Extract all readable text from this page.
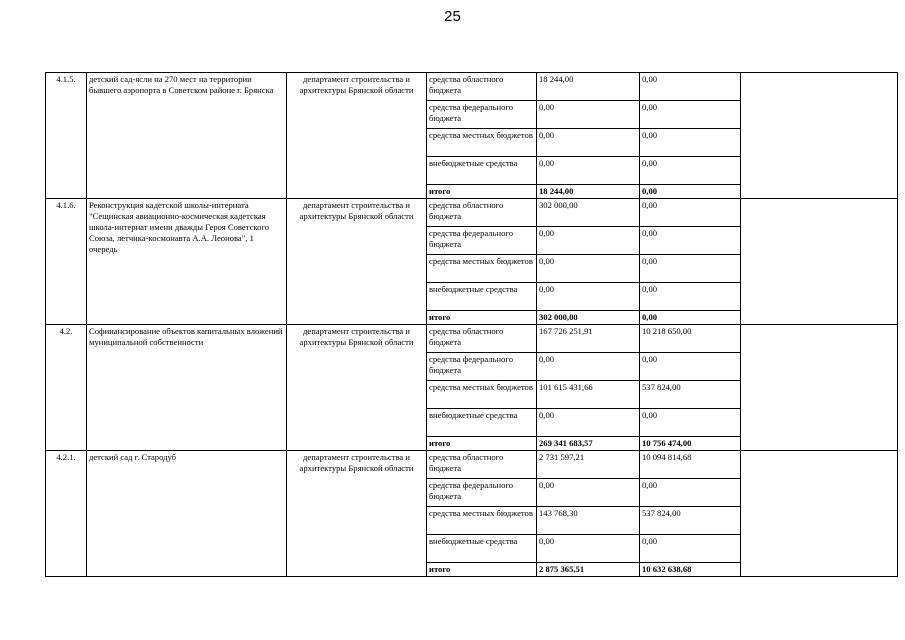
25
4.1.5.	детский сад-ясли на 270 мест на территории бывшего аэропорта в Советском районе г. Брянска	департамент строительства и архитектуры Брянской области	средства областного бюджета	18 244,00	0,00	
			средства федерального бюджета	0,00	0,00	
			средства местных бюджетов	0,00	0,00	
			внебюджетные средства	0,00	0,00	
			итого	18 244,00	0,00	
4.1.6.	Реконструкция кадетской школы-интерната "Сещинская авиационно-космическая кадетская школа-интернат имени дважды Героя Советского Союза, летчика-космонавта А.А. Леонова", 1 очередь	департамент строительства и архитектуры Брянской области	средства областного бюджета	302 000,00	0,00	
			средства федерального бюджета	0,00	0,00	
			средства местных бюджетов	0,00	0,00	
			внебюджетные средства	0,00	0,00	
			итого	302 000,00	0,00	
4.2.	Софинансирование объектов капитальных вложений муниципальной собственности	департамент строительства и архитектуры Брянской области	средства областного бюджета	167 726 251,91	10 218 650,00	
			средства федерального бюджета	0,00	0,00	
			средства местных бюджетов	101 615 431,66	537 824,00	
			внебюджетные средства	0,00	0,00	
			итого	269 341 683,57	10 756 474,00	
4.2.1.	детский сад г. Стародуб	департамент строительства и архитектуры Брянской области	средства областного бюджета	2 731 597,21	10 094 814,68	
			средства федерального бюджета	0,00	0,00	
			средства местных бюджетов	143 768,30	537 824,00	
			внебюджетные средства	0,00	0,00	
			итого	2 875 365,51	10 632 638,68	
